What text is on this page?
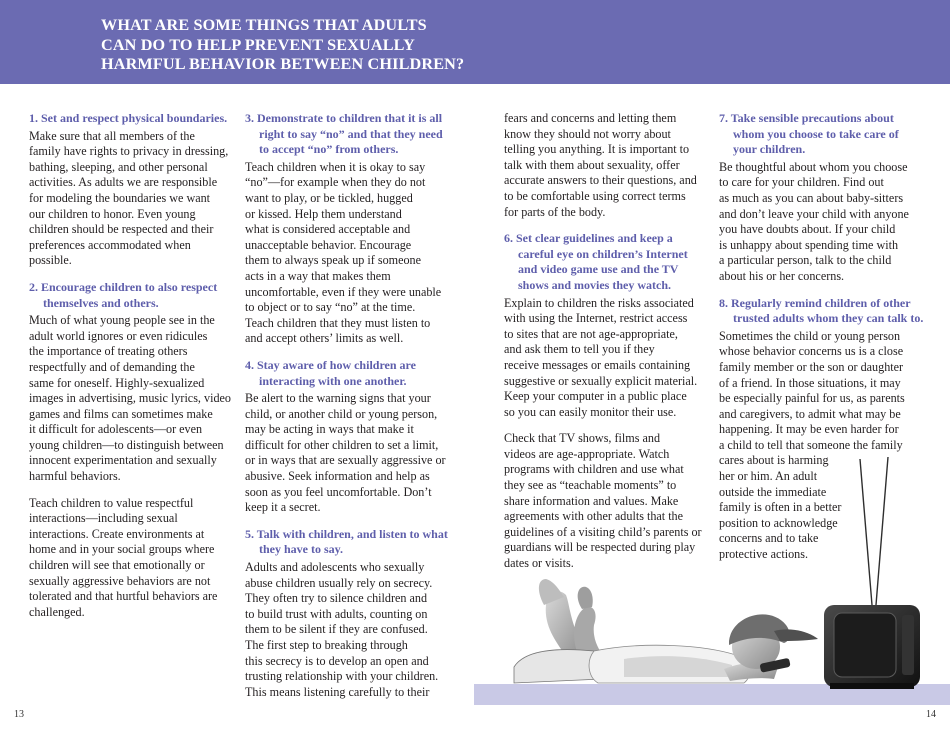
WHAT ARE SOME THINGS THAT ADULTS
CAN DO TO HELP PREVENT SEXUALLY
HARMFUL BEHAVIOR BETWEEN CHILDREN?
1. Set and respect physical boundaries.
Make sure that all members of the
family have rights to privacy in dressing,
bathing, sleeping, and other personal
activities. As adults we are responsible
for modeling the boundaries we want
our children to honor. Even young
children should be respected and their
preferences accommodated when
possible.
2. Encourage children to also respect
themselves and others.
Much of what young people see in the
adult world ignores or even ridicules
the importance of treating others
respectfully and of demanding the
same for oneself. Highly-sexualized
images in advertising, music lyrics, video
games and films can sometimes make
it difficult for adolescents—or even
young children—to distinguish between
innocent experimentation and sexually
harmful behaviors.
Teach children to value respectful
interactions—including sexual
interactions. Create environments at
home and in your social groups where
children will see that emotionally or
sexually aggressive behaviors are not
tolerated and that hurtful behaviors are
challenged.
3. Demonstrate to children that it is all
right to say “no” and that they need
to accept “no” from others.
Teach children when it is okay to say
“no”—for example when they do not
want to play, or be tickled, hugged
or kissed. Help them understand
what is considered acceptable and
unacceptable behavior. Encourage
them to always speak up if someone
acts in a way that makes them
uncomfortable, even if they were unable
to object or to say “no” at the time.
Teach children that they must listen to
and accept others’ limits as well.
4. Stay aware of how children are
interacting with one another.
Be alert to the warning signs that your
child, or another child or young person,
may be acting in ways that make it
difficult for other children to set a limit,
or in ways that are sexually aggressive or
abusive. Seek information and help as
soon as you feel uncomfortable. Don’t
keep it a secret.
5. Talk with children, and listen to what
they have to say.
Adults and adolescents who sexually
abuse children usually rely on secrecy.
They often try to silence children and
to build trust with adults, counting on
them to be silent if they are confused.
The first step to breaking through
this secrecy is to develop an open and
trusting relationship with your children.
This means listening carefully to their
fears and concerns and letting them
know they should not worry about
telling you anything. It is important to
talk with them about sexuality, offer
accurate answers to their questions, and
to be comfortable using correct terms
for parts of the body.
6. Set clear guidelines and keep a
careful eye on children’s Internet
and video game use and the TV
shows and movies they watch.
Explain to children the risks associated
with using the Internet, restrict access
to sites that are not age-appropriate,
and ask them to tell you if they
receive messages or emails containing
suggestive or sexually explicit material.
Keep your computer in a public place
so you can easily monitor their use.
Check that TV shows, films and
videos are age-appropriate. Watch
programs with children and use what
they see as “teachable moments” to
share information and values. Make
agreements with other adults that the
guidelines of a visiting child’s parents or
guardians will be respected during play
dates or visits.
7. Take sensible precautions about
whom you choose to take care of
your children.
Be thoughtful about whom you choose
to care for your children. Find out
as much as you can about baby-sitters
and don’t leave your child with anyone
you have doubts about. If your child
is unhappy about spending time with
a particular person, talk to the child
about his or her concerns.
8. Regularly remind children of other
trusted adults whom they can talk to.
Sometimes the child or young person
whose behavior concerns us is a close
family member or the son or daughter
of a friend. In those situations, it may
be especially painful for us, as parents
and caregivers, to admit what may be
happening. It may be even harder for
a child to tell that someone the family
cares about is harming
her or him. An adult
outside the immediate
family is often in a better
position to acknowledge
concerns and to take
protective actions.
13	14
